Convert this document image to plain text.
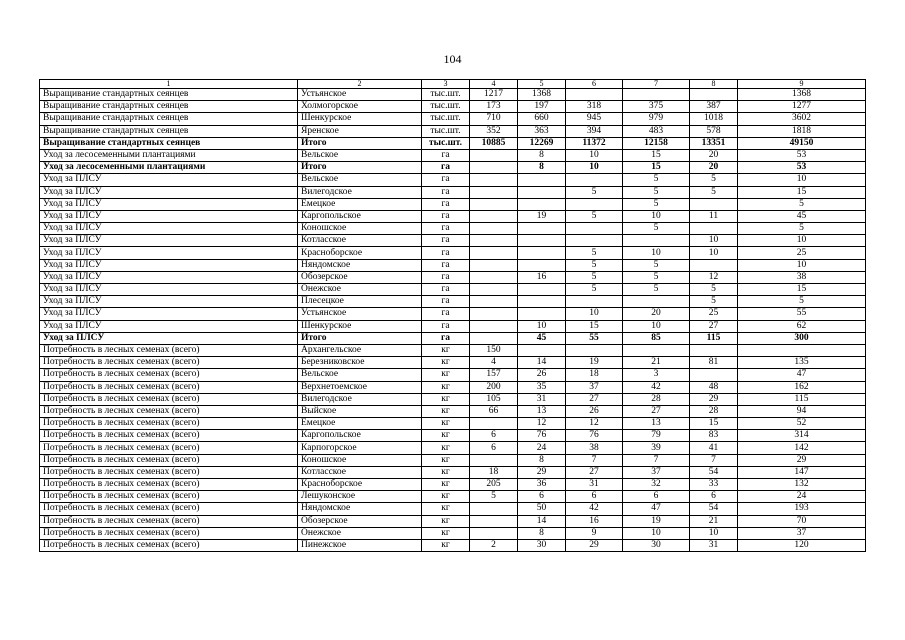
104
1	2	3	4	5	6	7	8	9
Выращивание стандартных сеянцев	Устьянское	тыс.шт.	1217	1368				1368
Выращивание стандартных сеянцев	Холмогорское	тыс.шт.	173	197	318	375	387	1277
Выращивание стандартных сеянцев	Шенкурское	тыс.шт.	710	660	945	979	1018	3602
Выращивание стандартных сеянцев	Яренское	тыс.шт.	352	363	394	483	578	1818
Выращивание стандартных сеянцев	Итого	тыс.шт.	10885	12269	11372	12158	13351	49150
Уход за лесосеменными плантациями	Вельское	га		8	10	15	20	53
Уход за лесосеменными плантациями	Итого	га		8	10	15	20	53
Уход за ПЛСУ	Вельское	га				5	5	10
Уход за ПЛСУ	Вилегодское	га			5	5	5	15
Уход за ПЛСУ	Емецкое	га				5		5
Уход за ПЛСУ	Каргопольское	га		19	5	10	11	45
Уход за ПЛСУ	Коношское	га				5		5
Уход за ПЛСУ	Котласское	га					10	10
Уход за ПЛСУ	Красноборское	га			5	10	10	25
Уход за ПЛСУ	Няндомское	га			5	5		10
Уход за ПЛСУ	Обозерское	га		16	5	5	12	38
Уход за ПЛСУ	Онежское	га			5	5	5	15
Уход за ПЛСУ	Плесецкое	га					5	5
Уход за ПЛСУ	Устьянское	га			10	20	25	55
Уход за ПЛСУ	Шенкурское	га		10	15	10	27	62
Уход за ПЛСУ	Итого	га		45	55	85	115	300
Потребность в лесных семенах (всего)	Архангельское	кг	150					
Потребность в лесных семенах (всего)	Березниковское	кг	4	14	19	21	81	135
Потребность в лесных семенах (всего)	Вельское	кг	157	26	18	3		47
Потребность в лесных семенах (всего)	Верхнетоемское	кг	200	35	37	42	48	162
Потребность в лесных семенах (всего)	Вилегодское	кг	105	31	27	28	29	115
Потребность в лесных семенах (всего)	Выйское	кг	66	13	26	27	28	94
Потребность в лесных семенах (всего)	Емецкое	кг		12	12	13	15	52
Потребность в лесных семенах (всего)	Каргопольское	кг	6	76	76	79	83	314
Потребность в лесных семенах (всего)	Карпогорское	кг	6	24	38	39	41	142
Потребность в лесных семенах (всего)	Коношское	кг		8	7	7	7	29
Потребность в лесных семенах (всего)	Котласское	кг	18	29	27	37	54	147
Потребность в лесных семенах (всего)	Красноборское	кг	205	36	31	32	33	132
Потребность в лесных семенах (всего)	Лешуконское	кг	5	6	6	6	6	24
Потребность в лесных семенах (всего)	Няндомское	кг		50	42	47	54	193
Потребность в лесных семенах (всего)	Обозерское	кг		14	16	19	21	70
Потребность в лесных семенах (всего)	Онежское	кг		8	9	10	10	37
Потребность в лесных семенах (всего)	Пинежское	кг	2	30	29	30	31	120
